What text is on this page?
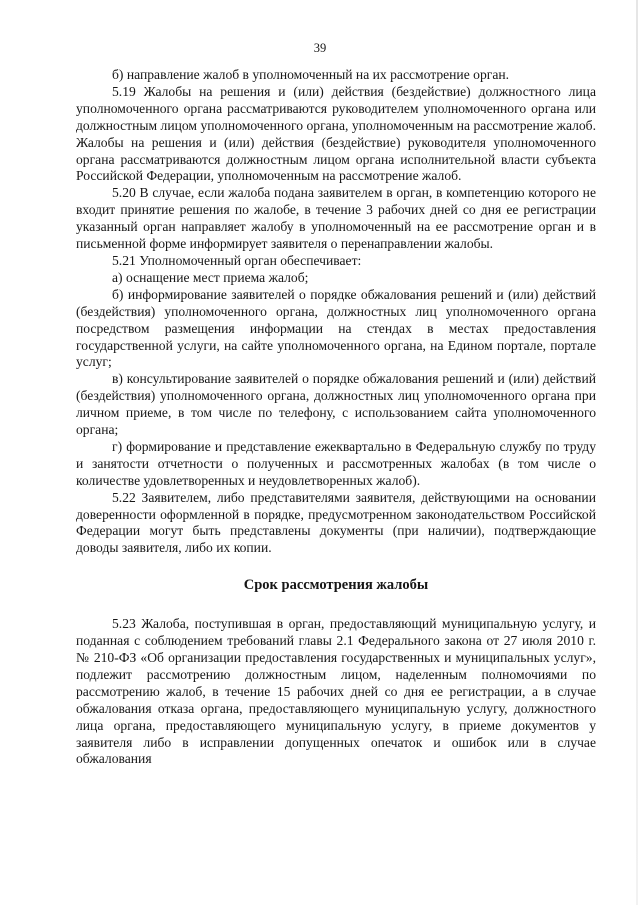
39

б) направление жалоб в уполномоченный на их рассмотрение орган.

5.19 Жалобы на решения и (или) действия (бездействие) должностного лица уполномоченного органа рассматриваются руководителем уполномоченного органа или должностным лицом уполномоченного органа, уполномоченным на рассмотрение жалоб. Жалобы на решения и (или) действия (бездействие) руководителя уполномоченного органа рассматриваются должностным лицом органа исполнительной власти субъекта Российской Федерации, уполномоченным на рассмотрение жалоб.

5.20 В случае, если жалоба подана заявителем в орган, в компетенцию которого не входит принятие решения по жалобе, в течение 3 рабочих дней со дня ее регистрации указанный орган направляет жалобу в уполномоченный на ее рассмотрение орган и в письменной форме информирует заявителя о перенаправлении жалобы.

5.21 Уполномоченный орган обеспечивает:

а) оснащение мест приема жалоб;

б) информирование заявителей о порядке обжалования решений и (или) действий (бездействия) уполномоченного органа, должностных лиц уполномоченного органа посредством размещения информации на стендах в местах предоставления государственной услуги, на сайте уполномоченного органа, на Едином портале, портале услуг;

в) консультирование заявителей о порядке обжалования решений и (или) действий (бездействия) уполномоченного органа, должностных лиц уполномоченного органа при личном приеме, в том числе по телефону, с использованием сайта уполномоченного органа;

г) формирование и представление ежеквартально в Федеральную службу по труду и занятости отчетности о полученных и рассмотренных жалобах (в том числе о количестве удовлетворенных и неудовлетворенных жалоб).

5.22 Заявителем, либо представителями заявителя, действующими на основании доверенности оформленной в порядке, предусмотренном законодательством Российской Федерации могут быть представлены документы (при наличии), подтверждающие доводы заявителя, либо их копии.

Срок рассмотрения жалобы

5.23 Жалоба, поступившая в орган, предоставляющий муниципальную услугу, и поданная с соблюдением требований главы 2.1 Федерального закона от 27 июля 2010 г. № 210-ФЗ «Об организации предоставления государственных и муниципальных услуг», подлежит рассмотрению должностным лицом, наделенным полномочиями по рассмотрению жалоб, в течение 15 рабочих дней со дня ее регистрации, а в случае обжалования отказа органа, предоставляющего муниципальную услугу, должностного лица органа, предоставляющего муниципальную услугу, в приеме документов у заявителя либо в исправлении допущенных опечаток и ошибок или в случае обжалования
